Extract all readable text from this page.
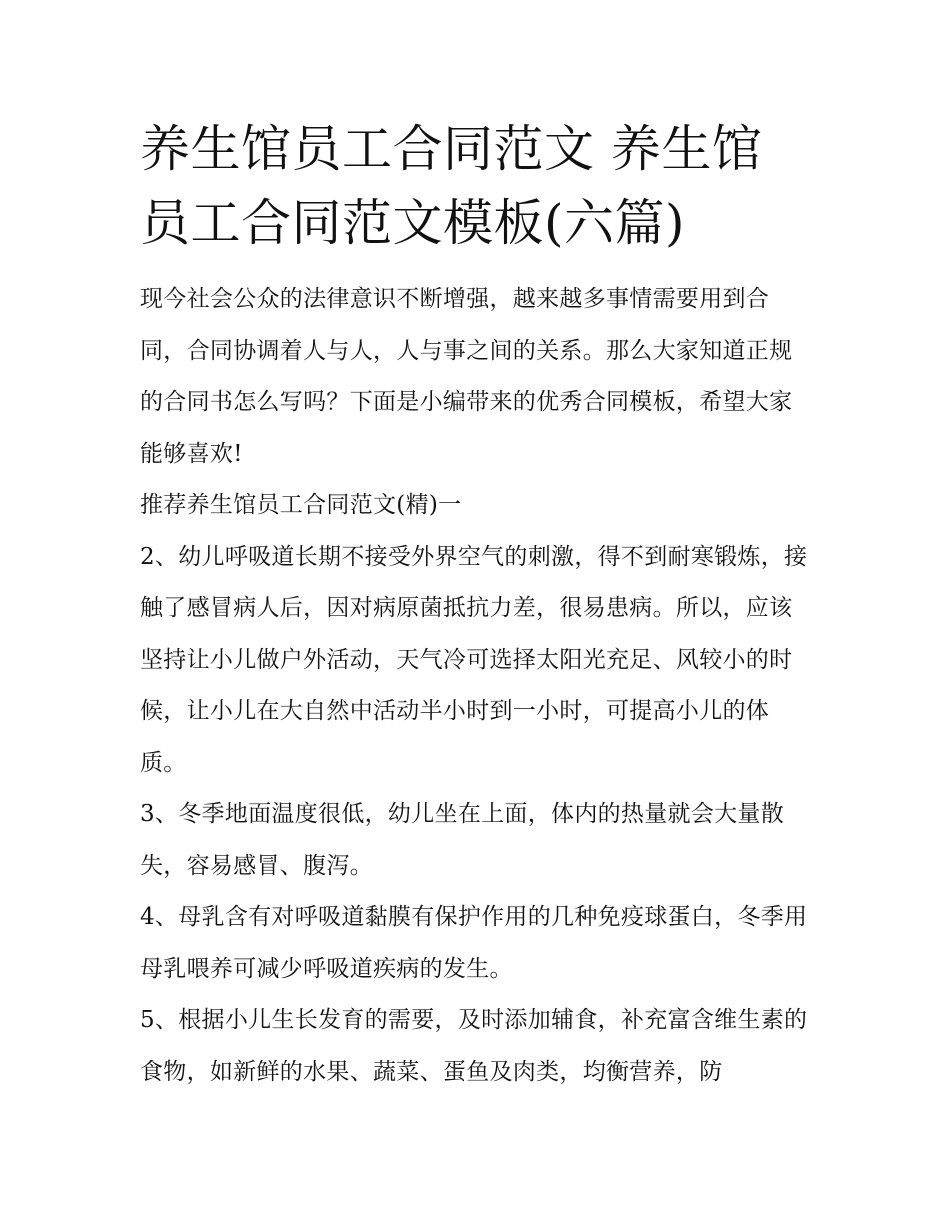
养生馆员工合同范文 养生馆员工合同范文模板(六篇)

现今社会公众的法律意识不断增强，越来越多事情需要用到合同，合同协调着人与人，人与事之间的关系。那么大家知道正规的合同书怎么写吗？下面是小编带来的优秀合同模板，希望大家能够喜欢!

推荐养生馆员工合同范文(精)一

2、幼儿呼吸道长期不接受外界空气的刺激，得不到耐寒锻炼，接触了感冒病人后，因对病原菌抵抗力差，很易患病。所以，应该坚持让小儿做户外活动，天气冷可选择太阳光充足、风较小的时候，让小儿在大自然中活动半小时到一小时，可提高小儿的体质。

3、冬季地面温度很低，幼儿坐在上面，体内的热量就会大量散失，容易感冒、腹泻。

4、母乳含有对呼吸道黏膜有保护作用的几种免疫球蛋白，冬季用母乳喂养可减少呼吸道疾病的发生。

5、根据小儿生长发育的需要，及时添加辅食，补充富含维生素的食物，如新鲜的水果、蔬菜、蛋鱼及肉类，均衡营养，防
